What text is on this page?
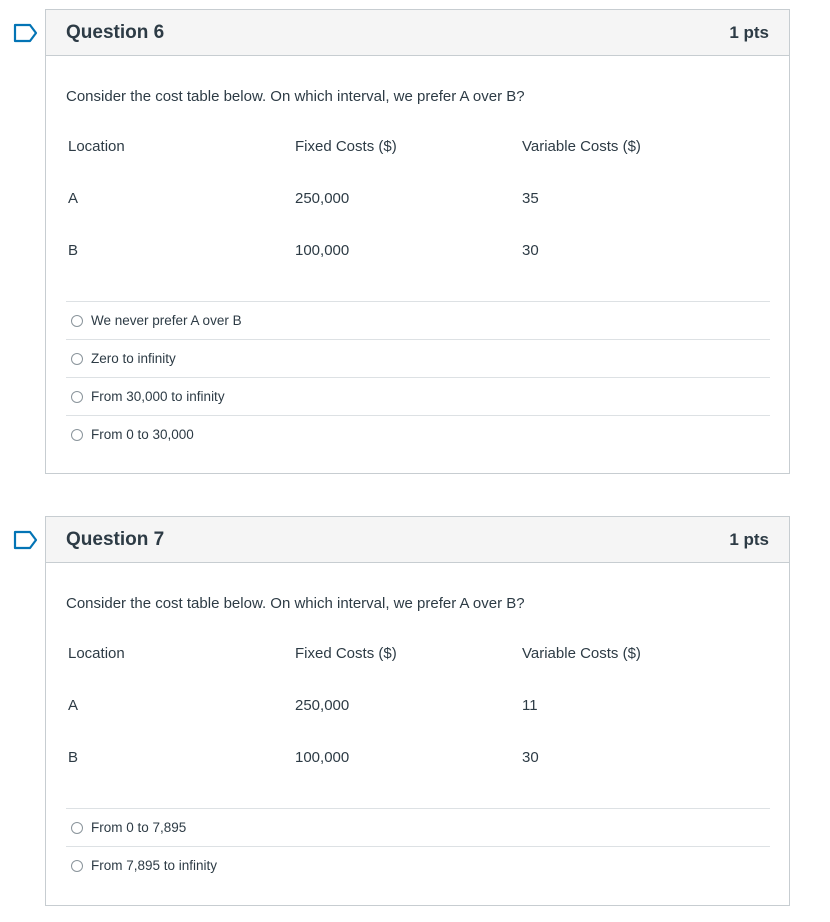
Question 6	1 pts
Consider the cost table below. On which interval, we prefer A over B?
Location	Fixed Costs ($)	Variable Costs ($)
A	250,000	35
B	100,000	30
We never prefer A over B
Zero to infinity
From 30,000 to infinity
From 0 to 30,000
Question 7	1 pts
Consider the cost table below. On which interval, we prefer A over B?
Location	Fixed Costs ($)	Variable Costs ($)
A	250,000	11
B	100,000	30
From 0 to 7,895
From 7,895 to infinity
